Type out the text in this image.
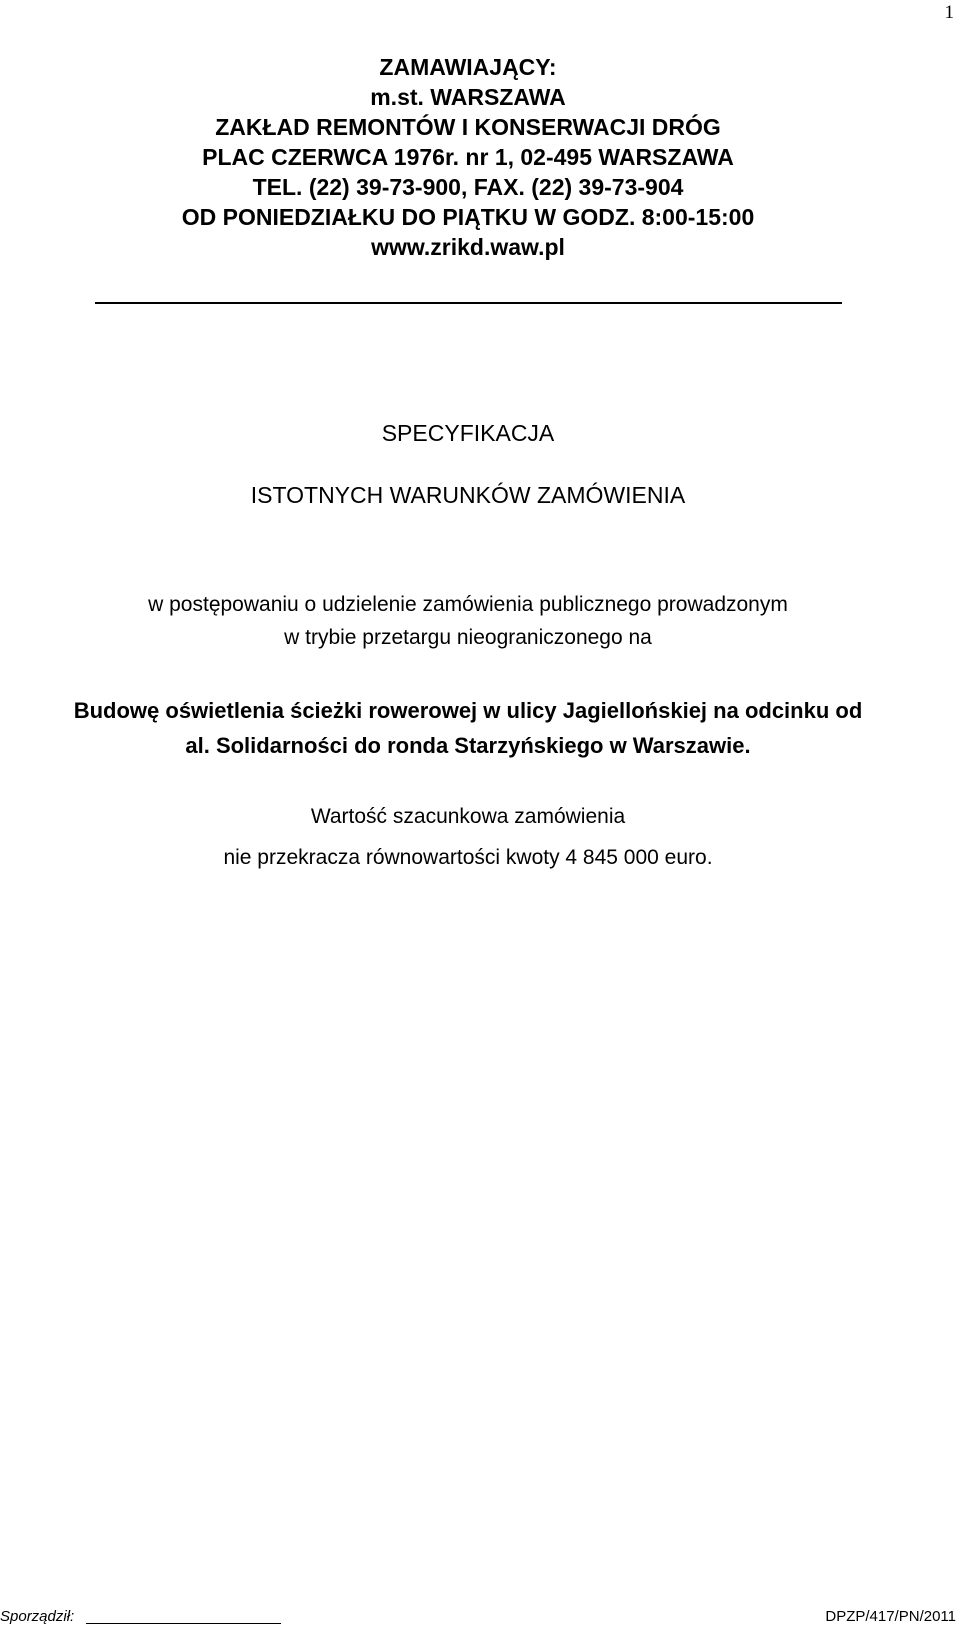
1
ZAMAWIAJĄCY:
m.st. WARSZAWA
ZAKŁAD REMONTÓW I KONSERWACJI DRÓG
PLAC CZERWCA 1976r. nr 1, 02-495 WARSZAWA
TEL. (22) 39-73-900, FAX. (22) 39-73-904
OD PONIEDZIAŁKU DO PIĄTKU W GODZ. 8:00-15:00
www.zrikd.waw.pl
SPECYFIKACJA
ISTOTNYCH WARUNKÓW ZAMÓWIENIA
w postępowaniu o udzielenie zamówienia publicznego prowadzonym
w trybie przetargu nieograniczonego na
Budowę oświetlenia ścieżki rowerowej w ulicy Jagiellońskiej na odcinku od
al. Solidarności do ronda Starzyńskiego w Warszawie.
Wartość szacunkowa zamówienia
nie przekracza równowartości kwoty 4 845 000 euro.
Sporządził:	DPZP/417/PN/2011
